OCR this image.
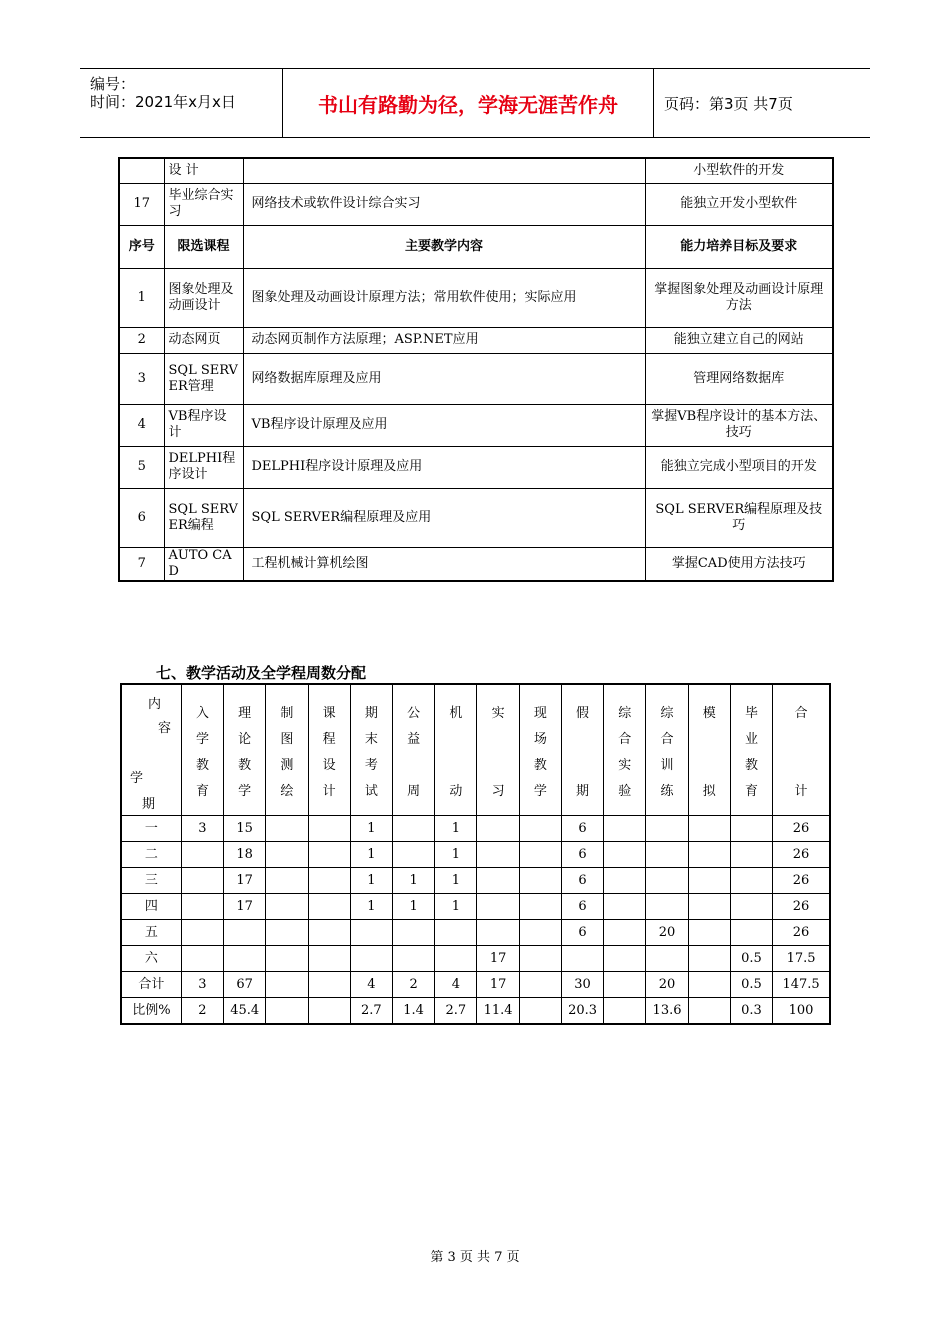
编号：
时间：2021年x月x日	书山有路勤为径，学海无涯苦作舟	页码：第3页 共7页
	设 计		小型软件的开发
17	毕业综合实 习	网络技术或软件设计综合实习	能独立开发小型软件
序号	限选课程	主要教学内容	能力培养目标及要求
1	图象处理及动画设计	图象处理及动画设计原理方法；常用软件使用；实际应用	掌握图象处理及动画设计原理方法
2	动态网页	动态网页制作方法原理；ASP.NET应用	能独立建立自己的网站
3	SQL SERVER管理	网络数据库原理及应用	管理网络数据库
4	VB程序设计	VB程序设计原理及应用	掌握VB程序设计的基本方法、技巧
5	DELPHI程序设计	DELPHI程序设计原理及应用	能独立完成小型项目的开发
6	SQL SERVER编程	SQL SERVER编程原理及应用	SQL SERVER编程原理及技巧
7	AUTO CAD	工程机械计算机绘图	掌握CAD使用方法技巧
七、教学活动及全学程周数分配
内
容
学
期	入
学
教
育	理
论
教
学	制
图
测
绘	课
程
设
计	期
末
考
试	公
益
周	机
动	实
习	现
场
教
学	假
期	综
合
实
验	综
合
训
练	模
拟	毕
业
教
育	合
计

一	3	15			1		1			6					26
二		18			1		1			6					26
三		17			1	1	1			6					26
四		17			1	1	1			6					26
五										6		20			26
六								17						0.5	17.5
合计	3	67			4	2	4	17		30		20		0.5	147.5
比例%	2	45.4			2.7	1.4	2.7	11.4		20.3		13.6		0.3	100
第 3 页 共 7 页
